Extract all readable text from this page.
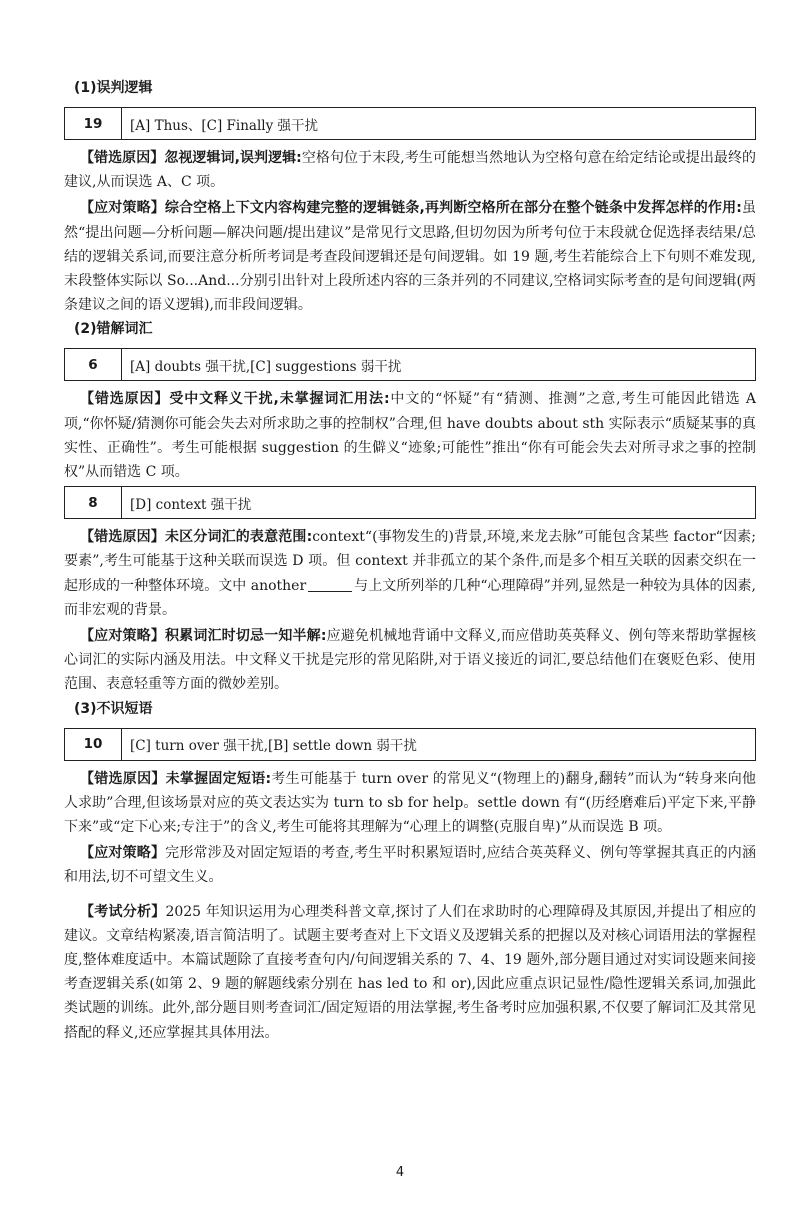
(1)误判逻辑
19	[A] Thus、[C] Finally 强干扰

【错选原因】忽视逻辑词,误判逻辑:空格句位于末段,考生可能想当然地认为空格句意在给定结论或提出最终的建议,从而误选 A、C 项。

【应对策略】综合空格上下文内容构建完整的逻辑链条,再判断空格所在部分在整个链条中发挥怎样的作用:虽然“提出问题—分析问题—解决问题/提出建议”是常见行文思路,但切勿因为所考句位于末段就仓促选择表结果/总结的逻辑关系词,而要注意分析所考词是考查段间逻辑还是句间逻辑。如 19 题,考生若能综合上下句则不难发现,末段整体实际以 So...And...分别引出针对上段所述内容的三条并列的不同建议,空格词实际考查的是句间逻辑(两条建议之间的语义逻辑),而非段间逻辑。

(2)错解词汇
6	[A] doubts 强干扰,[C] suggestions 弱干扰

【错选原因】受中文释义干扰,未掌握词汇用法:中文的“怀疑”有“猜测、推测”之意,考生可能因此错选 A 项,“你怀疑/猜测你可能会失去对所求助之事的控制权”合理,但 have doubts about sth 实际表示“质疑某事的真实性、正确性”。考生可能根据 suggestion 的生僻义“迹象;可能性”推出“你有可能会失去对所寻求之事的控制权”从而错选 C 项。

8	[D] context 强干扰

【错选原因】未区分词汇的表意范围:context“(事物发生的)背景,环境,来龙去脉”可能包含某些 factor“因素;要素”,考生可能基于这种关联而误选 D 项。但 context 并非孤立的某个条件,而是多个相互关联的因素交织在一起形成的一种整体环境。文中 another	与上文所列举的几种“心理障碍”并列,显然是一种较为具体的因素,而非宏观的背景。

【应对策略】积累词汇时切忌一知半解:应避免机械地背诵中文释义,而应借助英英释义、例句等来帮助掌握核心词汇的实际内涵及用法。中文释义干扰是完形的常见陷阱,对于语义接近的词汇,要总结他们在褒贬色彩、使用范围、表意轻重等方面的微妙差别。

(3)不识短语
10	[C] turn over 强干扰,[B] settle down 弱干扰

【错选原因】未掌握固定短语:考生可能基于 turn over 的常见义“(物理上的)翻身,翻转”而认为“转身来向他人求助”合理,但该场景对应的英文表达实为 turn to sb for help。settle down 有“(历经磨难后)平定下来,平静下来”或“定下心来;专注于”的含义,考生可能将其理解为“心理上的调整(克服自卑)”从而误选 B 项。

【应对策略】完形常涉及对固定短语的考查,考生平时积累短语时,应结合英英释义、例句等掌握其真正的内涵和用法,切不可望文生义。

【考试分析】2025 年知识运用为心理类科普文章,探讨了人们在求助时的心理障碍及其原因,并提出了相应的建议。文章结构紧凑,语言简洁明了。试题主要考查对上下文语义及逻辑关系的把握以及对核心词语用法的掌握程度,整体难度适中。本篇试题除了直接考查句内/句间逻辑关系的 7、4、19 题外,部分题目通过对实词设题来间接考查逻辑关系(如第 2、9 题的解题线索分别在 has led to 和 or),因此应重点识记显性/隐性逻辑关系词,加强此类试题的训练。此外,部分题目则考查词汇/固定短语的用法掌握,考生备考时应加强积累,不仅要了解词汇及其常见搭配的释义,还应掌握其具体用法。

4
